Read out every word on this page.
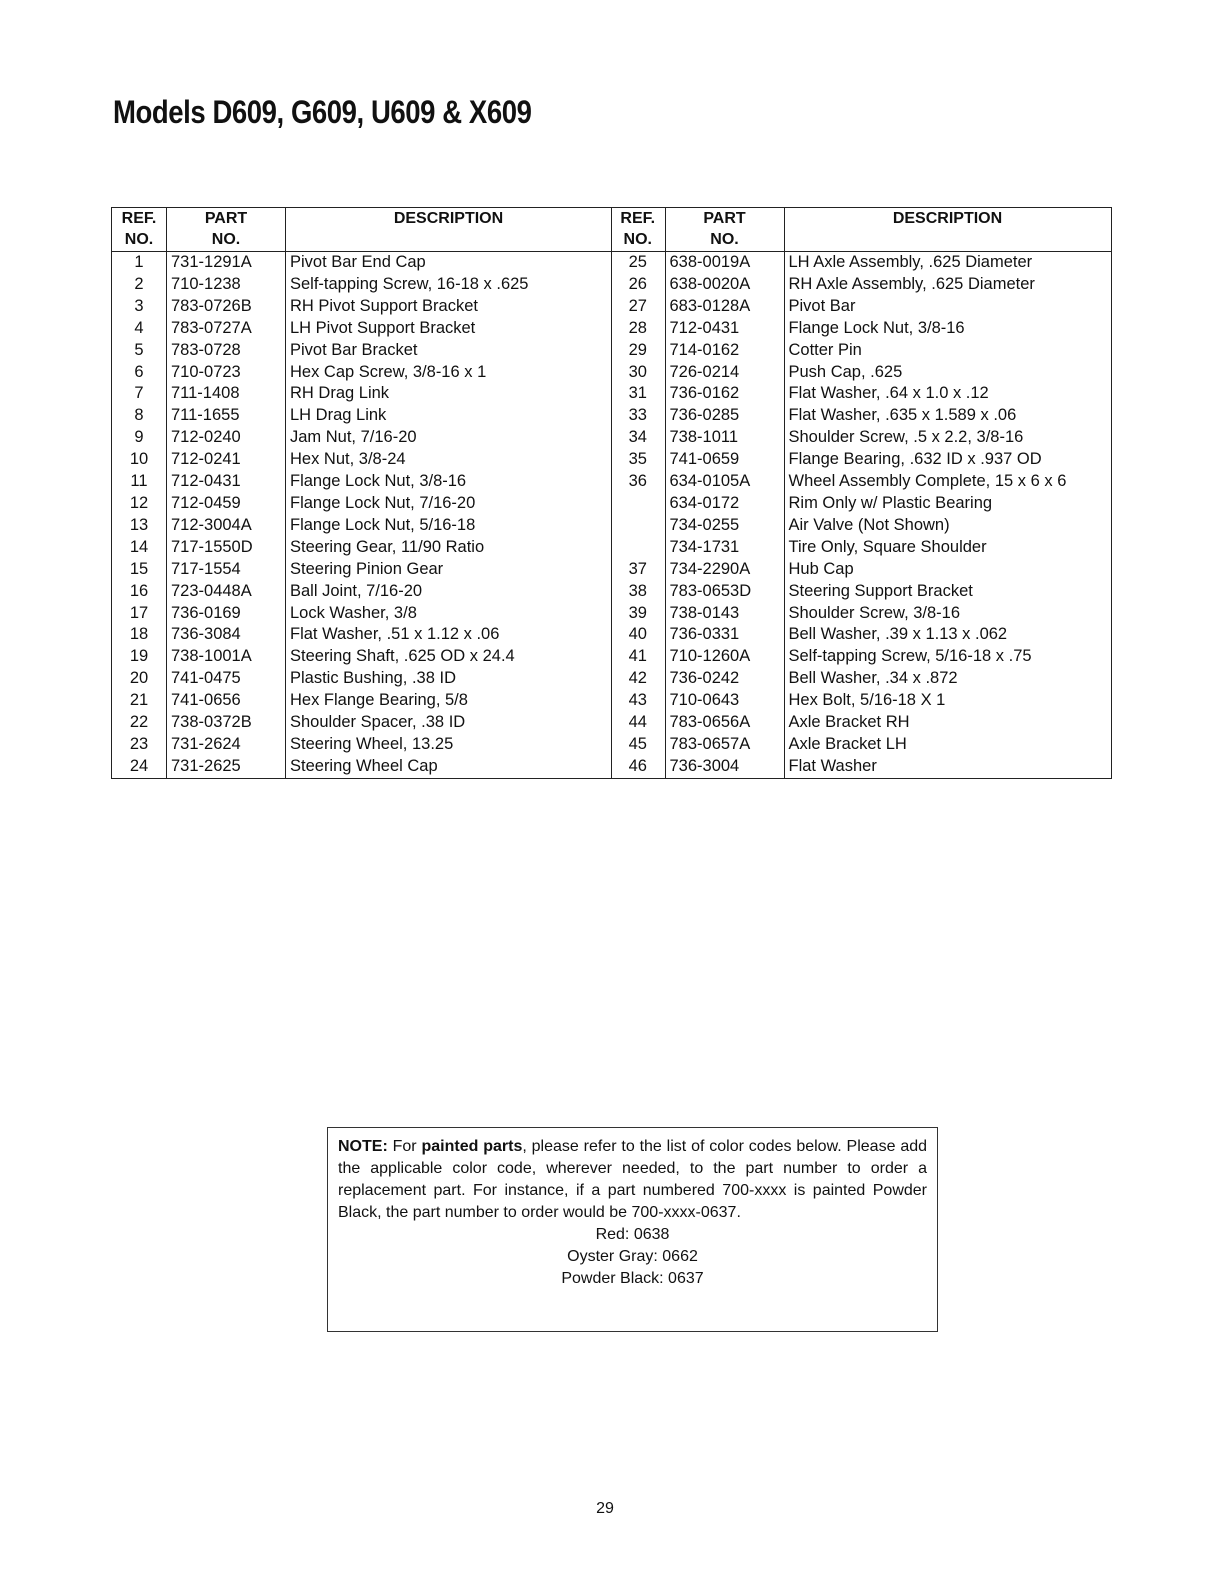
Models D609, G609, U609 & X609
REF.	PART	DESCRIPTION
NO.	NO.	
1	731-1291A	Pivot Bar End Cap
2	710-1238	Self-tapping Screw, 16-18 x .625
3	783-0726B	RH Pivot Support Bracket
4	783-0727A	LH Pivot Support Bracket
5	783-0728	Pivot Bar Bracket
6	710-0723	Hex Cap Screw, 3/8-16 x 1
7	711-1408	RH Drag Link
8	711-1655	LH Drag Link
9	712-0240	Jam Nut, 7/16-20
10	712-0241	Hex Nut, 3/8-24
11	712-0431	Flange Lock Nut, 3/8-16
12	712-0459	Flange Lock Nut, 7/16-20
13	712-3004A	Flange Lock Nut, 5/16-18
14	717-1550D	Steering Gear, 11/90 Ratio
15	717-1554	Steering Pinion Gear
16	723-0448A	Ball Joint, 7/16-20
17	736-0169	Lock Washer, 3/8
18	736-3084	Flat Washer, .51 x 1.12 x .06
19	738-1001A	Steering Shaft, .625 OD x 24.4
20	741-0475	Plastic Bushing, .38 ID
21	741-0656	Hex Flange Bearing, 5/8
22	738-0372B	Shoulder Spacer, .38 ID
23	731-2624	Steering Wheel, 13.25
24	731-2625	Steering Wheel Cap
REF.	PART	DESCRIPTION
NO.	NO.	
25	638-0019A	LH Axle Assembly, .625 Diameter
26	638-0020A	RH Axle Assembly, .625 Diameter
27	683-0128A	Pivot Bar
28	712-0431	Flange Lock Nut, 3/8-16
29	714-0162	Cotter Pin
30	726-0214	Push Cap, .625
31	736-0162	Flat Washer, .64 x 1.0 x .12
33	736-0285	Flat Washer, .635 x 1.589 x .06
34	738-1011	Shoulder Screw, .5 x 2.2, 3/8-16
35	741-0659	Flange Bearing, .632 ID x .937 OD
36	634-0105A	Wheel Assembly Complete, 15 x 6 x 6
	634-0172	Rim Only w/ Plastic Bearing
	734-0255	Air Valve (Not Shown)
	734-1731	Tire Only, Square Shoulder
37	734-2290A	Hub Cap
38	783-0653D	Steering Support Bracket
39	738-0143	Shoulder Screw, 3/8-16
40	736-0331	Bell Washer, .39 x 1.13 x .062
41	710-1260A	Self-tapping Screw, 5/16-18 x .75
42	736-0242	Bell Washer, .34 x .872
43	710-0643	Hex Bolt, 5/16-18 X 1
44	783-0656A	Axle Bracket RH
45	783-0657A	Axle Bracket LH
46	736-3004	Flat Washer

NOTE: For painted parts, please refer to the list of color codes below. Please add the applicable color code, wherever needed, to the part number to order a replacement part. For instance, if a part numbered 700-xxxx is painted Powder Black, the part number to order would be 700-xxxx-0637.

Red: 0638
Oyster Gray: 0662
Powder Black: 0637
29
